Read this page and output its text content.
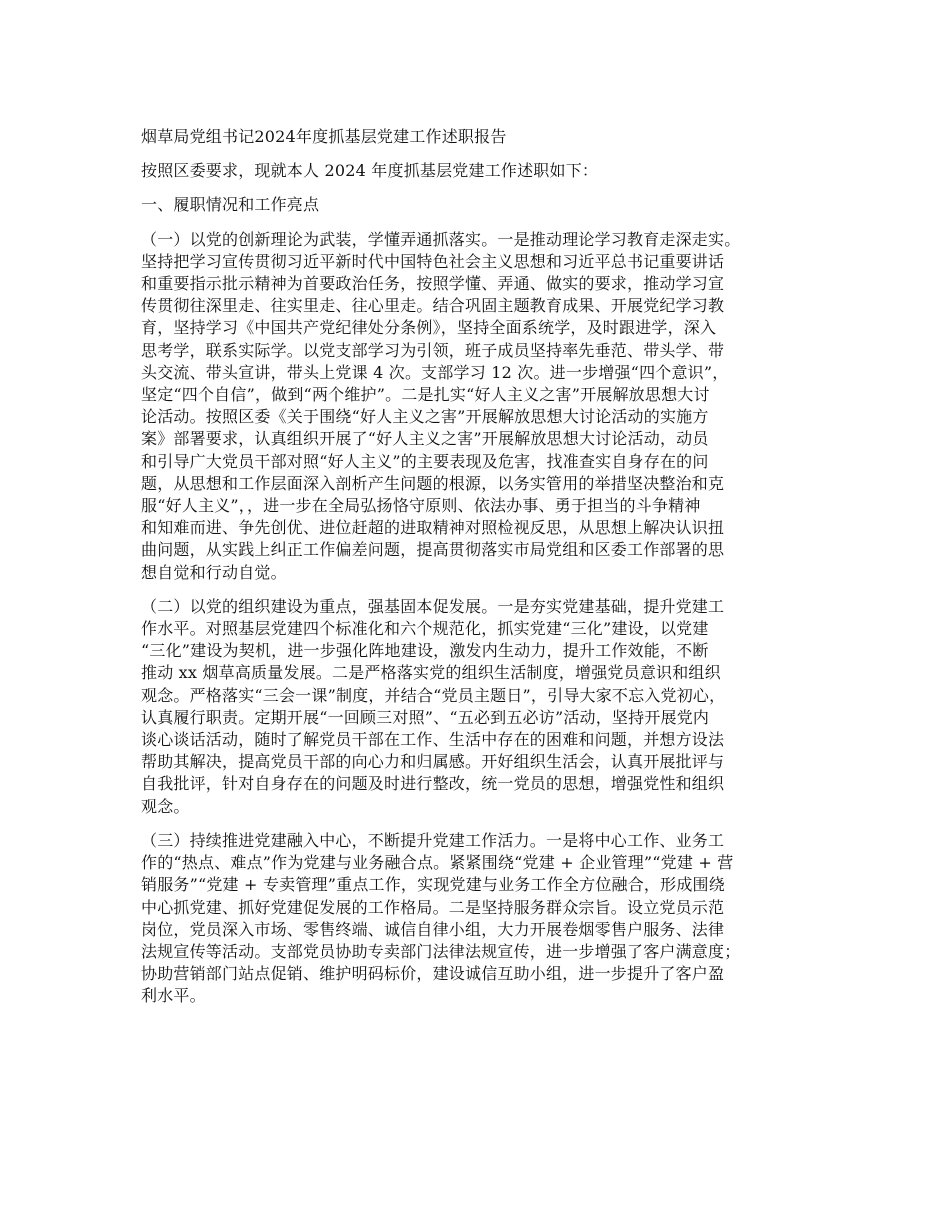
烟草局党组书记2024年度抓基层党建工作述职报告
按照区委要求，现就本人 2024 年度抓基层党建工作述职如下：
一、履职情况和工作亮点
（一）以党的创新理论为武装，学懂弄通抓落实。一是推动理论学习教育走深走实。
坚持把学习宣传贯彻习近平新时代中国特色社会主义思想和习近平总书记重要讲话
和重要指示批示精神为首要政治任务，按照学懂、弄通、做实的要求，推动学习宣
传贯彻往深里走、往实里走、往心里走。结合巩固主题教育成果、开展党纪学习教
育，坚持学习《中国共产党纪律处分条例》，坚持全面系统学，及时跟进学，深入
思考学，联系实际学。以党支部学习为引领，班子成员坚持率先垂范、带头学、带
头交流、带头宣讲，带头上党课 4 次。支部学习 12 次。进一步增强“四个意识”，
坚定“四个自信”，做到“两个维护”。二是扎实“好人主义之害”开展解放思想大讨
论活动。按照区委《关于围绕“好人主义之害”开展解放思想大讨论活动的实施方
案》部署要求，认真组织开展了“好人主义之害”开展解放思想大讨论活动，动员
和引导广大党员干部对照“好人主义”的主要表现及危害，找准查实自身存在的问
题，从思想和工作层面深入剖析产生问题的根源，以务实管用的举措坚决整治和克
服“好人主义”，，进一步在全局弘扬恪守原则、依法办事、勇于担当的斗争精神
和知难而进、争先创优、进位赶超的进取精神对照检视反思，从思想上解决认识扭
曲问题，从实践上纠正工作偏差问题，提高贯彻落实市局党组和区委工作部署的思
想自觉和行动自觉。
（二）以党的组织建设为重点，强基固本促发展。一是夯实党建基础，提升党建工
作水平。对照基层党建四个标准化和六个规范化，抓实党建“三化”建设，以党建
“三化”建设为契机，进一步强化阵地建设，激发内生动力，提升工作效能，不断
推动 xx 烟草高质量发展。二是严格落实党的组织生活制度，增强党员意识和组织
观念。严格落实“三会一课”制度，并结合“党员主题日”，引导大家不忘入党初心，
认真履行职责。定期开展“一回顾三对照”、“五必到五必访”活动，坚持开展党内
谈心谈话活动，随时了解党员干部在工作、生活中存在的困难和问题，并想方设法
帮助其解决，提高党员干部的向心力和归属感。开好组织生活会，认真开展批评与
自我批评，针对自身存在的问题及时进行整改，统一党员的思想，增强党性和组织
观念。
（三）持续推进党建融入中心，不断提升党建工作活力。一是将中心工作、业务工
作的“热点、难点”作为党建与业务融合点。紧紧围绕“党建 + 企业管理”“党建 + 营
销服务”“党建 + 专卖管理”重点工作，实现党建与业务工作全方位融合，形成围绕
中心抓党建、抓好党建促发展的工作格局。二是坚持服务群众宗旨。设立党员示范
岗位，党员深入市场、零售终端、诚信自律小组，大力开展卷烟零售户服务、法律
法规宣传等活动。支部党员协助专卖部门法律法规宣传，进一步增强了客户满意度；
协助营销部门站点促销、维护明码标价，建设诚信互助小组，进一步提升了客户盈
利水平。
